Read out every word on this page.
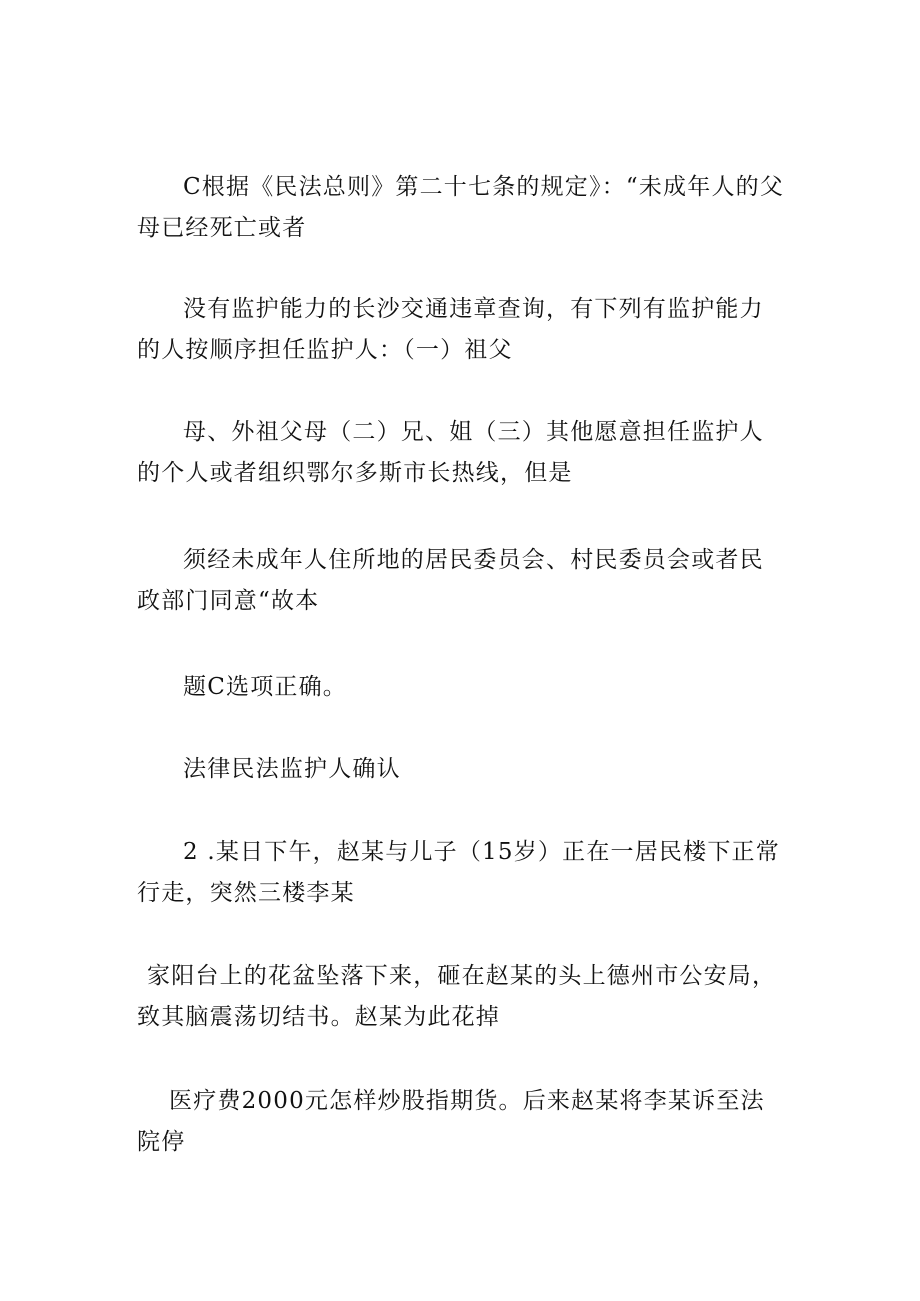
C根据《民法总则》第二十七条的规定》：“未成年人的父母已经死亡或者

没有监护能力的长沙交通违章查询，有下列有监护能力的人按顺序担任监护人：（一）祖父

母、外祖父母（二）兄、姐（三）其他愿意担任监护人的个人或者组织鄂尔多斯市长热线，但是

须经未成年人住所地的居民委员会、村民委员会或者民政部门同意“故本

题C选项正确。

法律民法监护人确认

2 .某日下午，赵某与儿子（15岁）正在一居民楼下正常行走，突然三楼李某

家阳台上的花盆坠落下来，砸在赵某的头上德州市公安局，致其脑震荡切结书。赵某为此花掉

医疗费2000元怎样炒股指期货。后来赵某将李某诉至法院停
